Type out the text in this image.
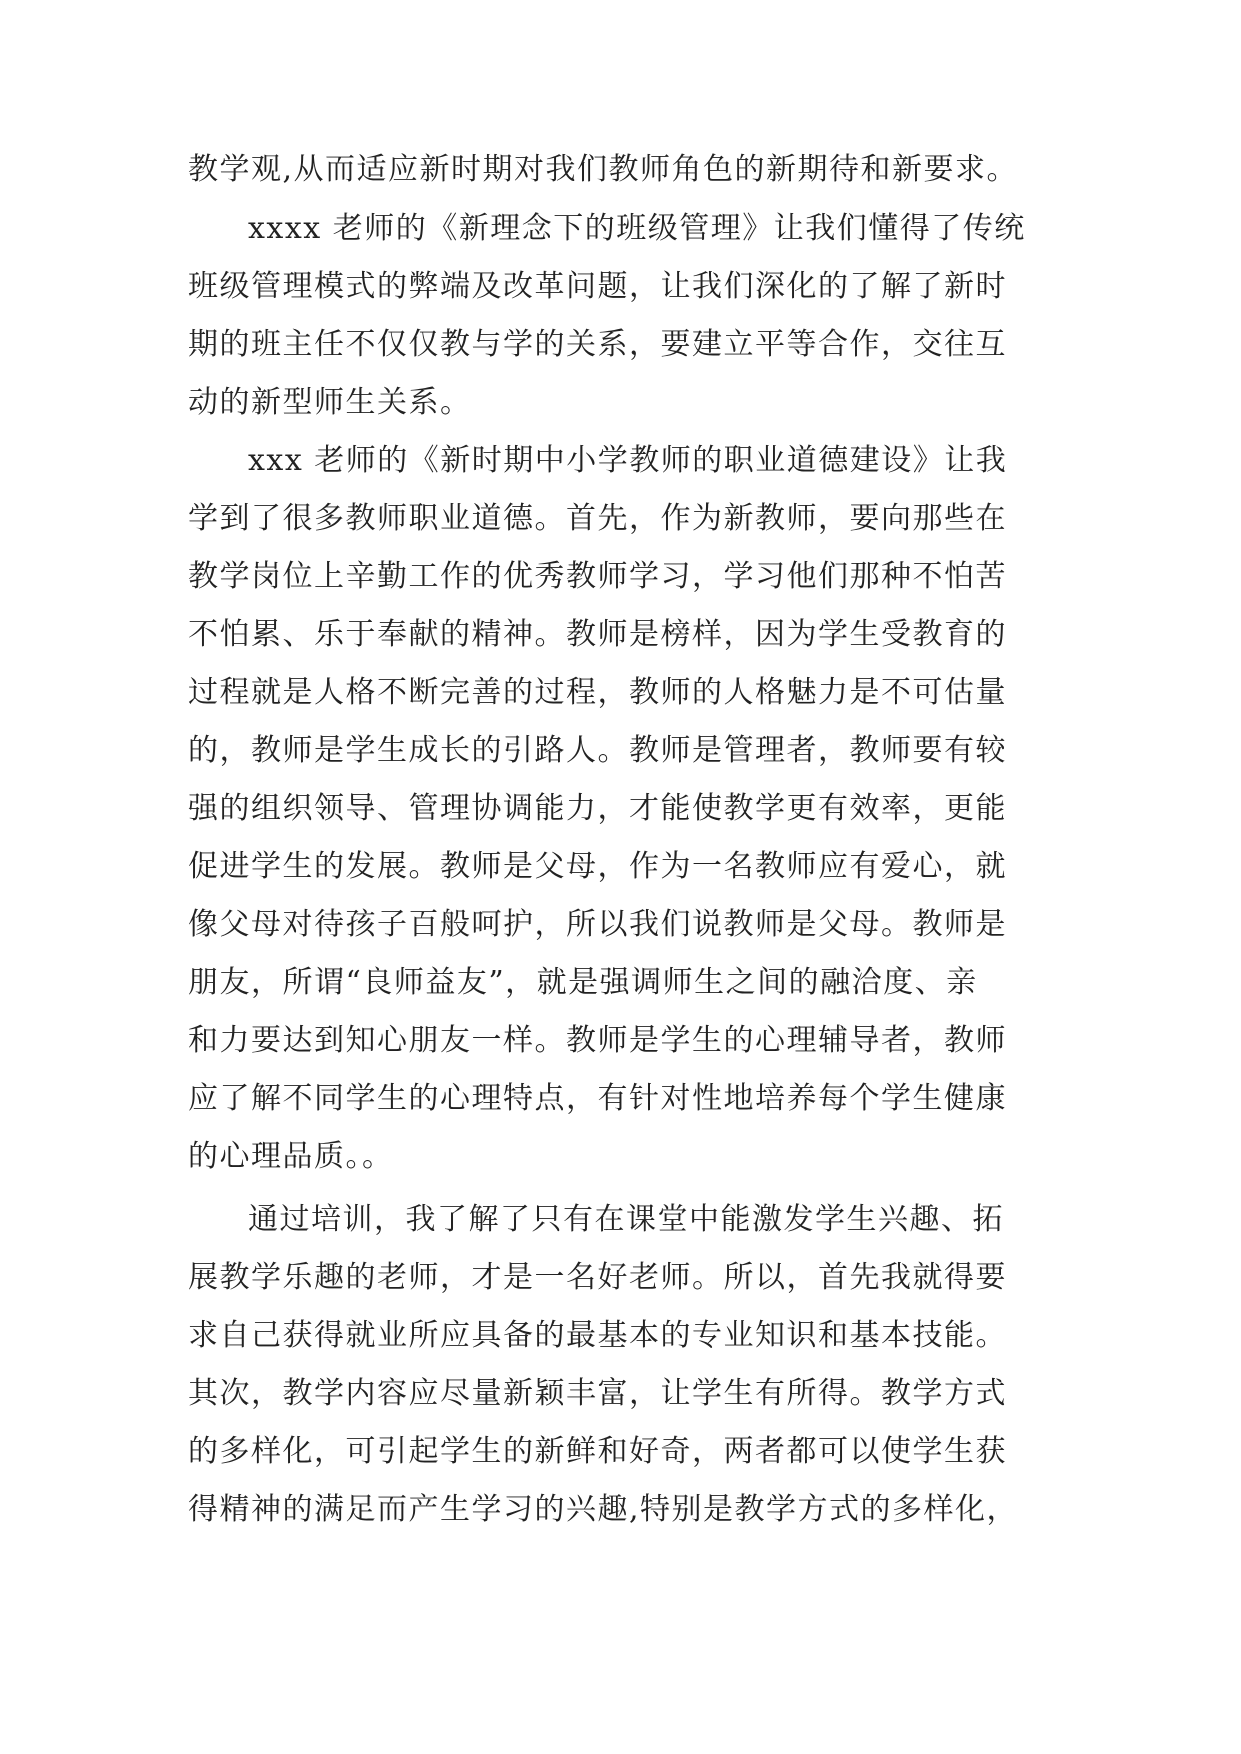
教学观,从而适应新时期对我们教师角色的新期待和新要求。
xxxx 老师的《新理念下的班级管理》让我们懂得了传统
班级管理模式的弊端及改革问题，让我们深化的了解了新时
期的班主任不仅仅教与学的关系，要建立平等合作，交往互
动的新型师生关系。
xxx 老师的《新时期中小学教师的职业道德建设》让我
学到了很多教师职业道德。首先，作为新教师，要向那些在
教学岗位上辛勤工作的优秀教师学习，学习他们那种不怕苦
不怕累、乐于奉献的精神。教师是榜样，因为学生受教育的
过程就是人格不断完善的过程，教师的人格魅力是不可估量
的，教师是学生成长的引路人。教师是管理者，教师要有较
强的组织领导、管理协调能力，才能使教学更有效率，更能
促进学生的发展。教师是父母，作为一名教师应有爱心，就
像父母对待孩子百般呵护，所以我们说教师是父母。教师是
朋友，所谓“良师益友”，就是强调师生之间的融洽度、亲
和力要达到知心朋友一样。教师是学生的心理辅导者，教师
应了解不同学生的心理特点，有针对性地培养每个学生健康
的心理品质。。
通过培训，我了解了只有在课堂中能激发学生兴趣、拓
展教学乐趣的老师，才是一名好老师。所以，首先我就得要
求自己获得就业所应具备的最基本的专业知识和基本技能。
其次，教学内容应尽量新颖丰富，让学生有所得。教学方式
的多样化，可引起学生的新鲜和好奇，两者都可以使学生获
得精神的满足而产生学习的兴趣,特别是教学方式的多样化，
